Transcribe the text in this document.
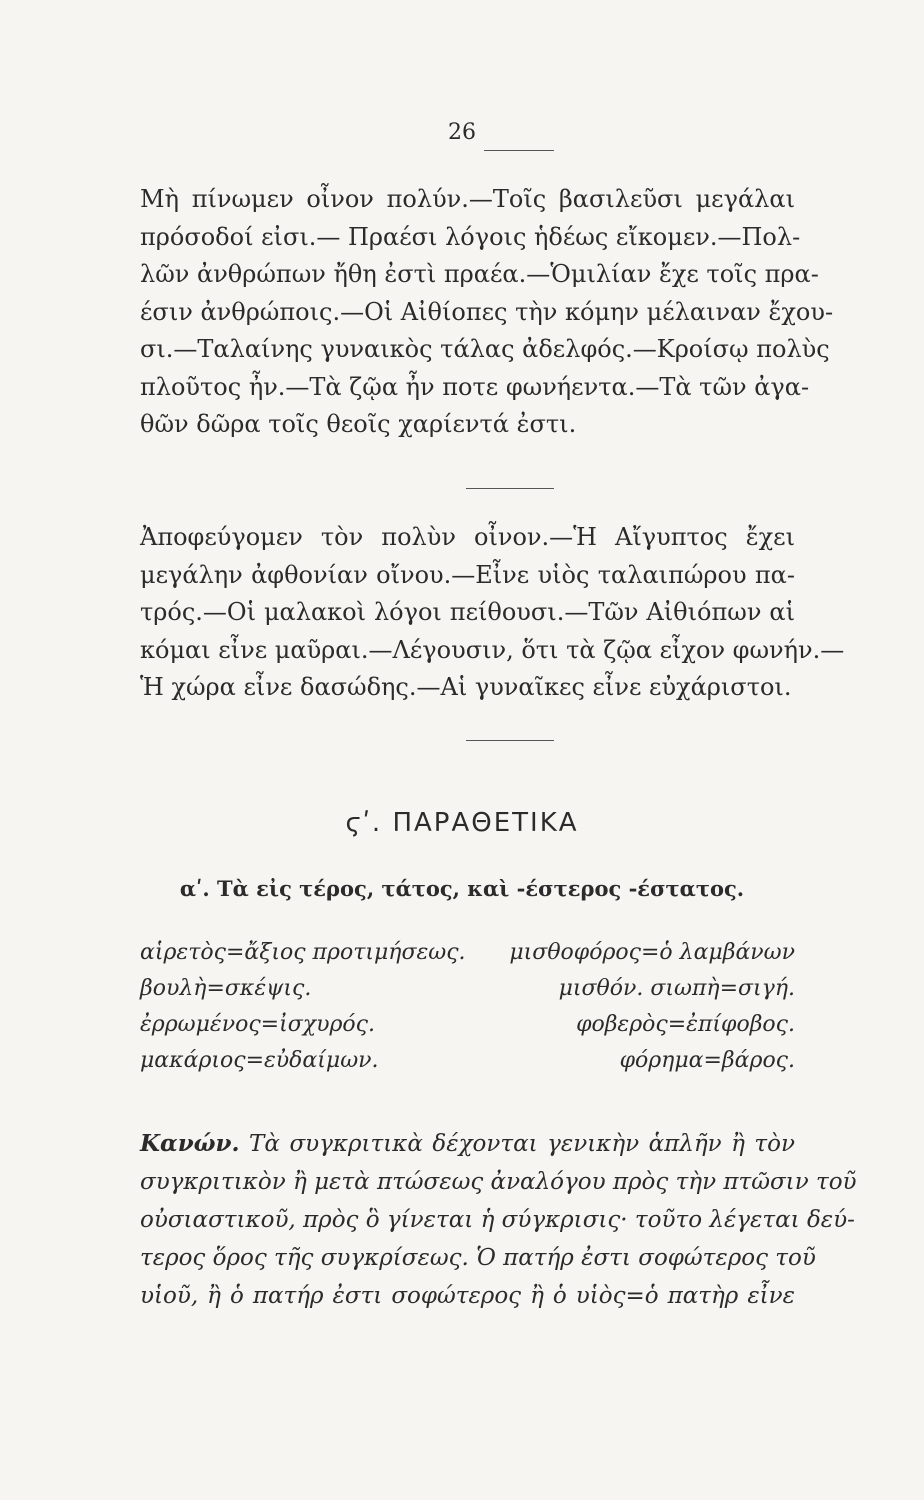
26
Μὴ πίνωμεν οἶνον πολύν.—Τοῖς βασιλεῦσι μεγάλαι
πρόσοδοί εἰσι.— Πραέσι λόγοις ἡδέως εἴκομεν.—Πολ-
λῶν ἀνθρώπων ἤθη ἐστὶ πραέα.—Ὁμιλίαν ἔχε τοῖς πρα-
έσιν ἀνθρώποις.—Οἱ Αἰθίοπες τὴν κόμην μέλαιναν ἔχου-
σι.—Ταλαίνης γυναικὸς τάλας ἀδελφός.—Κροίσῳ πολὺς
πλοῦτος ἦν.—Τὰ ζῷα ἦν ποτε φωνήεντα.—Τὰ τῶν ἀγα-
θῶν δῶρα τοῖς θεοῖς χαρίεντά ἐστι.
Ἀποφεύγομεν τὸν πολὺν οἶνον.—Ἡ Αἴγυπτος ἔχει
μεγάλην ἀφθονίαν οἴνου.—Εἶνε υἱὸς ταλαιπώρου πα-
τρός.—Οἱ μαλακοὶ λόγοι πείθουσι.—Τῶν Αἰθιόπων αἱ
κόμαι εἶνε μαῦραι.—Λέγουσιν, ὅτι τὰ ζῷα εἶχον φωνήν.—
Ἡ χώρα εἶνε δασώδης.—Αἱ γυναῖκες εἶνε εὐχάριστοι.
ϛʹ. ΠΑΡΑΘΕΤΙΚΑ
αʹ. Τὰ εἰς τέρος, τάτος, καὶ -έστερος -έστατος.
αἱρετὸς=ἄξιος προτιμήσεως. μισθοφόρος=ὁ λαμβάνων
βουλὴ=σκέψις.	μισθόν. σιωπὴ=σιγή.
ἐρρωμένος=ἰσχυρός.	φοβερὸς=ἐπίφοβος.
μακάριος=εὐδαίμων.	φόρημα=βάρος.
Κανών. Τὰ συγκριτικὰ δέχονται γενικὴν ἁπλῆν ἢ τὸν
συγκριτικὸν ἢ μετὰ πτώσεως ἀναλόγου πρὸς τὴν πτῶσιν τοῦ
οὐσιαστικοῦ, πρὸς ὃ γίνεται ἡ σύγκρισις· τοῦτο λέγεται δεύ-
τερος ὅρος τῆς συγκρίσεως. Ὁ πατήρ ἐστι σοφώτερος τοῦ
υἱοῦ, ἢ ὁ πατήρ ἐστι σοφώτερος ἢ ὁ υἱὸς=ὁ πατὴρ εἶνε
